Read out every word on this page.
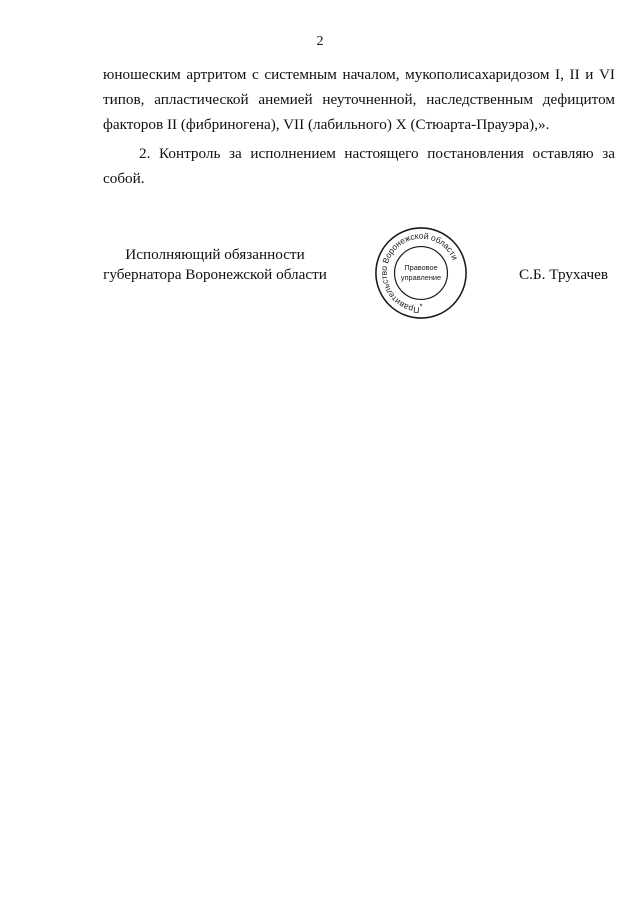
2

юношеским артритом с системным началом, мукополисахаридозом I, II и VI типов, апластической анемией неуточненной, наследственным дефицитом факторов II (фибриногена), VII (лабильного) X (Стюарта-Прауэра),».

2. Контроль за исполнением настоящего постановления оставляю за собой.

Исполняющий обязанности
губернатора Воронежской области
Правительство Воронежской области
Правовое
управление
*
С.Б. Трухачев
